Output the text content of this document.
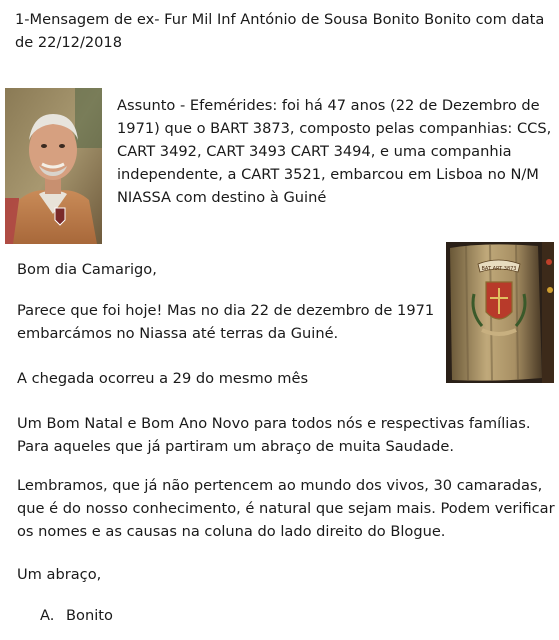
1-Mensagem de ex- Fur Mil Inf António de Sousa Bonito Bonito com data de 22/12/2018

Assunto - Efemérides: foi há 47 anos (22 de Dezembro de 1971) que o BART 3873, composto pelas companhias: CCS, CART 3492, CART 3493 CART 3494, e uma companhia independente, a CART 3521, embarcou em Lisboa no N/M NIASSA com destino à Guiné

BAT ART 3873

Bom dia Camarigo,

Parece que foi hoje! Mas no dia 22 de dezembro de 1971 embarcámos no Niassa até terras da Guiné.

A chegada ocorreu a 29 do mesmo mês

Um Bom Natal e Bom Ano Novo para todos nós e respectivas famílias. Para aqueles que já partiram um abraço de muita Saudade.

Lembramos, que já não pertencem ao mundo dos vivos, 30 camaradas, que é do nosso conhecimento, é natural que sejam mais. Podem verificar os nomes e as causas na coluna do lado direito do Blogue.

Um abraço,

A. Bonito
